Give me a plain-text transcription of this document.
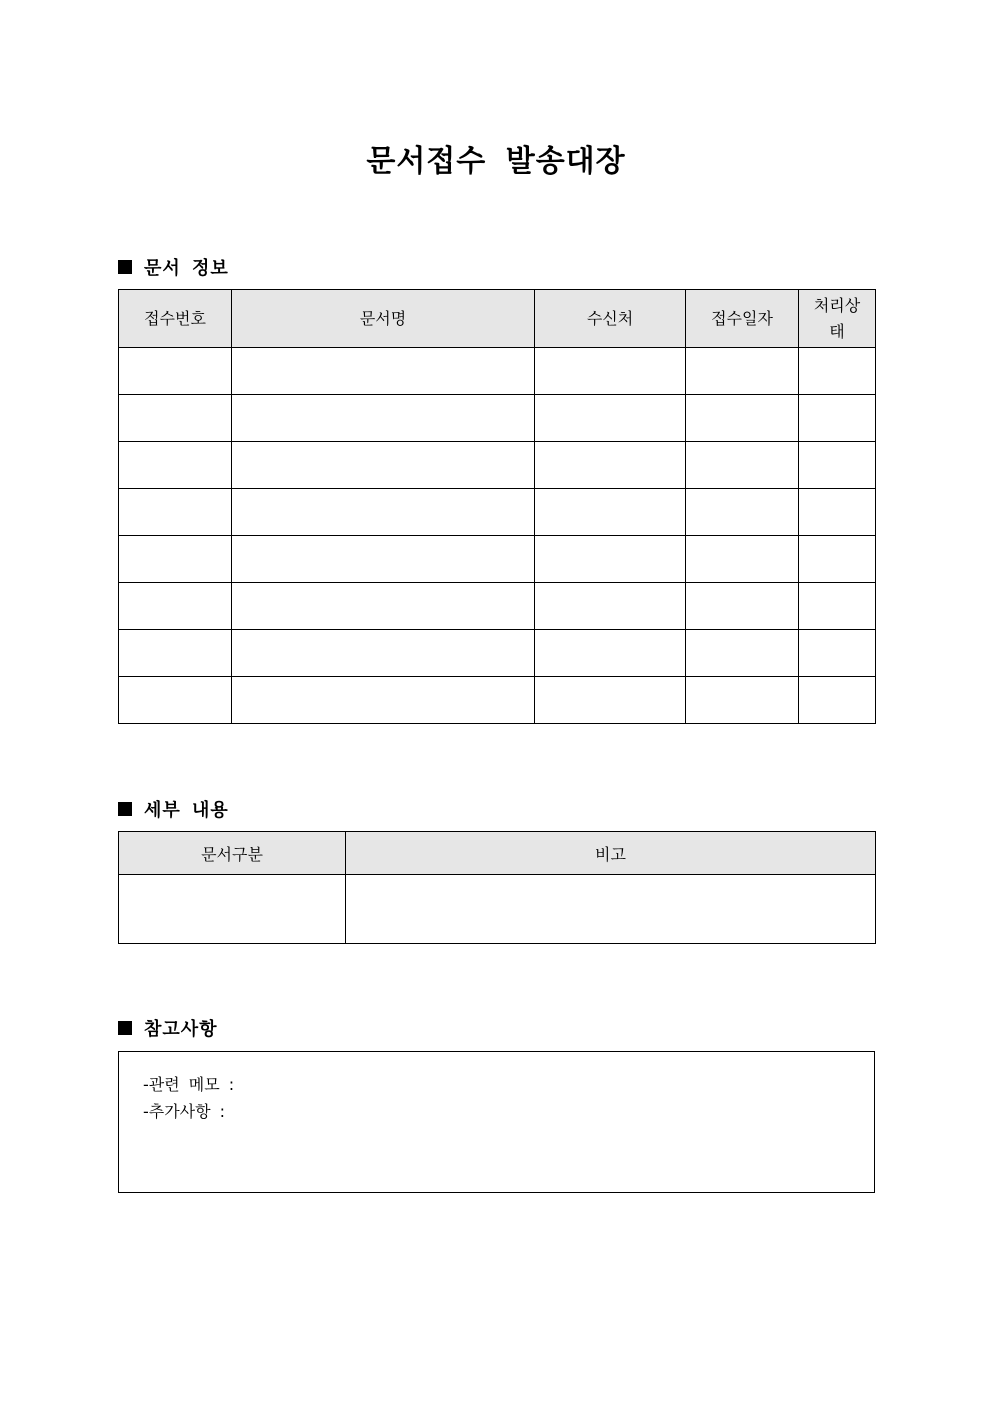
문서접수 발송대장
문서 정보
접수번호	문서명	수신처	접수일자	처리상태

세부 내용
문서구분	비고

참고사항
-관련 메모 :
-추가사항 :
